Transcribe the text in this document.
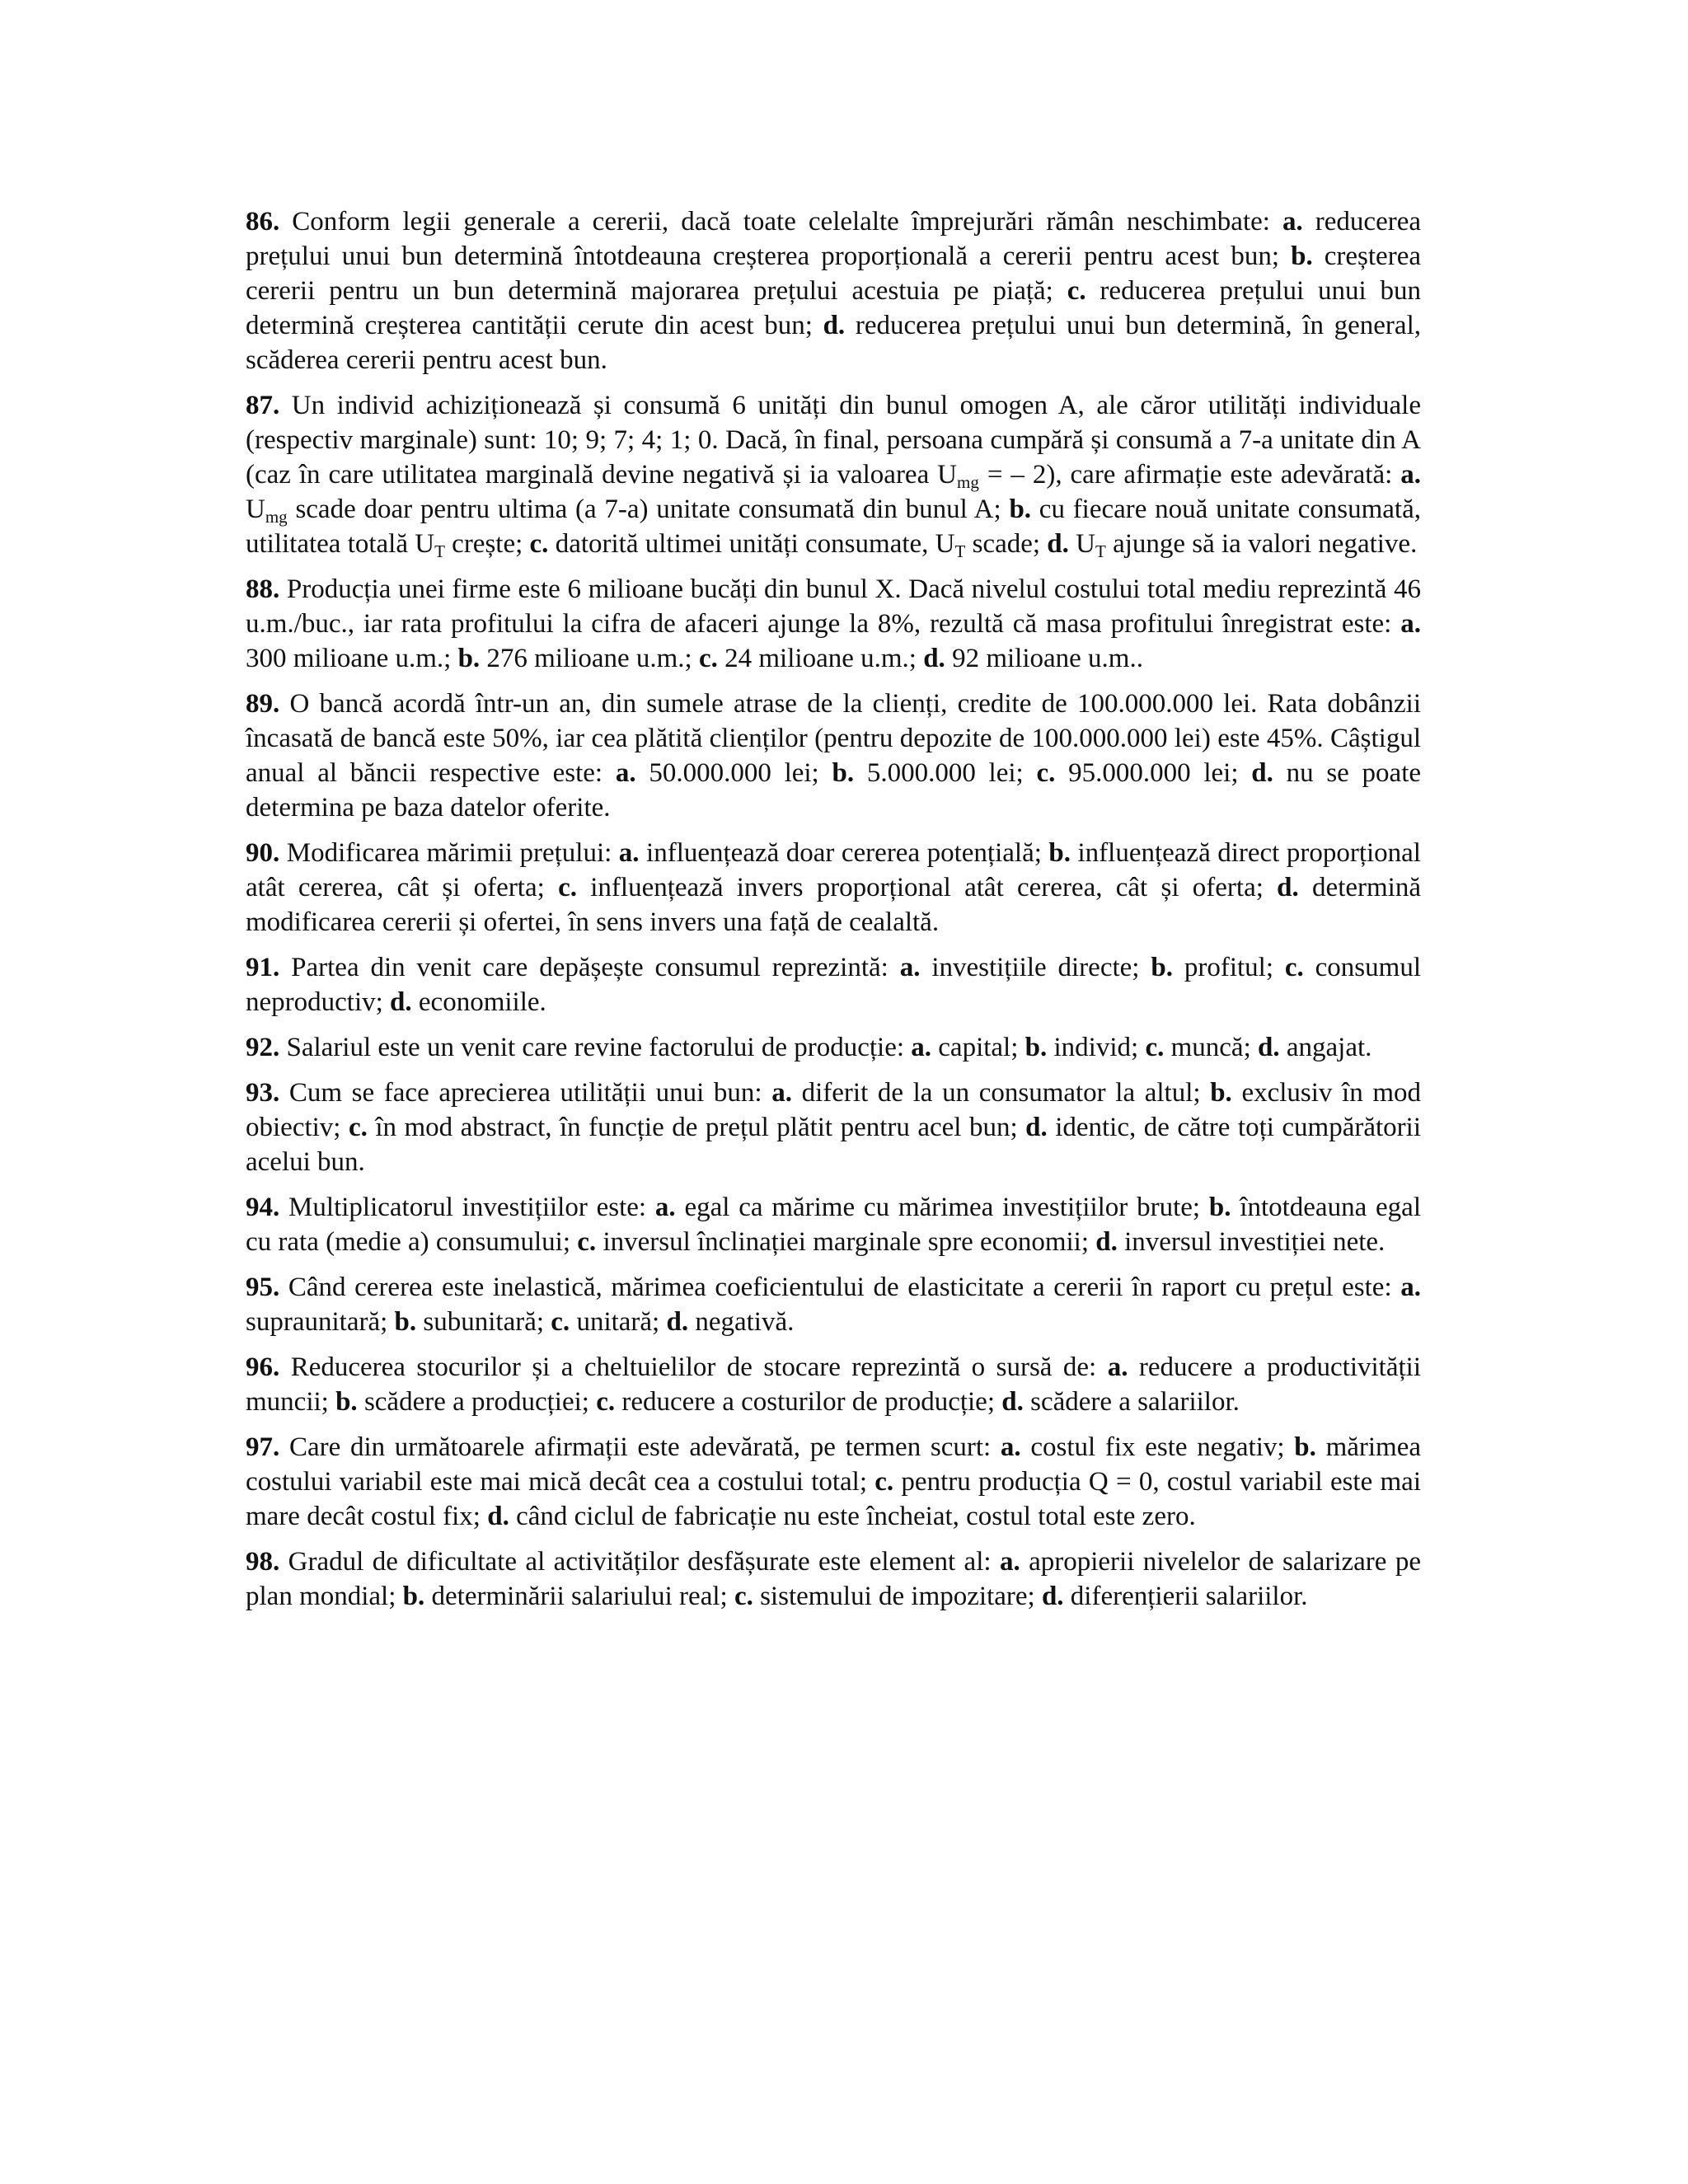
86. Conform legii generale a cererii, dacă toate celelalte împrejurări rămân neschimbate: a. reducerea prețului unui bun determină întotdeauna creșterea proporțională a cererii pentru acest bun; b. creșterea cererii pentru un bun determină majorarea prețului acestuia pe piață; c. reducerea prețului unui bun determină creșterea cantității cerute din acest bun; d. reducerea prețului unui bun determină, în general, scăderea cererii pentru acest bun.

87. Un individ achiziționează și consumă 6 unități din bunul omogen A, ale căror utilități individuale (respectiv marginale) sunt: 10; 9; 7; 4; 1; 0. Dacă, în final, persoana cumpără și consumă a 7-a unitate din A (caz în care utilitatea marginală devine negativă și ia valoarea $U_{mg}$ = – 2), care afirmație este adevărată: a. $U_{mg}$ scade doar pentru ultima (a 7-a) unitate consumată din bunul A; b. cu fiecare nouă unitate consumată, utilitatea totală $U_T$ crește; c. datorită ultimei unități consumate, $U_T$ scade; d. $U_T$ ajunge să ia valori negative.

88. Producția unei firme este 6 milioane bucăți din bunul X. Dacă nivelul costului total mediu reprezintă 46 u.m./buc., iar rata profitului la cifra de afaceri ajunge la 8%, rezultă că masa profitului înregistrat este: a. 300 milioane u.m.; b. 276 milioane u.m.; c. 24 milioane u.m.; d. 92 milioane u.m..

89. O bancă acordă într-un an, din sumele atrase de la clienți, credite de 100.000.000 lei. Rata dobânzii încasată de bancă este 50%, iar cea plătită clienților (pentru depozite de 100.000.000 lei) este 45%. Câștigul anual al băncii respective este: a. 50.000.000 lei; b. 5.000.000 lei; c. 95.000.000 lei; d. nu se poate determina pe baza datelor oferite.

90. Modificarea mărimii prețului: a. influențează doar cererea potențială; b. influențează direct proporțional atât cererea, cât și oferta; c. influențează invers proporțional atât cererea, cât și oferta; d. determină modificarea cererii și ofertei, în sens invers una față de cealaltă.

91. Partea din venit care depășește consumul reprezintă: a. investițiile directe; b. profitul; c. consumul neproductiv; d. economiile.

92. Salariul este un venit care revine factorului de producție: a. capital; b. individ; c. muncă; d. angajat.

93. Cum se face aprecierea utilității unui bun: a. diferit de la un consumator la altul; b. exclusiv în mod obiectiv; c. în mod abstract, în funcție de prețul plătit pentru acel bun; d. identic, de către toți cumpărătorii acelui bun.

94. Multiplicatorul investițiilor este: a. egal ca mărime cu mărimea investițiilor brute; b. întotdeauna egal cu rata (medie a) consumului; c. inversul înclinației marginale spre economii; d. inversul investiției nete.

95. Când cererea este inelastică, mărimea coeficientului de elasticitate a cererii în raport cu prețul este: a. supraunitară; b. subunitară; c. unitară; d. negativă.

96. Reducerea stocurilor și a cheltuielilor de stocare reprezintă o sursă de: a. reducere a productivității muncii; b. scădere a producției; c. reducere a costurilor de producție; d. scădere a salariilor.

97. Care din următoarele afirmații este adevărată, pe termen scurt: a. costul fix este negativ; b. mărimea costului variabil este mai mică decât cea a costului total; c. pentru producția Q = 0, costul variabil este mai mare decât costul fix; d. când ciclul de fabricație nu este încheiat, costul total este zero.

98. Gradul de dificultate al activităților desfășurate este element al: a. apropierii nivelelor de salarizare pe plan mondial; b. determinării salariului real; c. sistemului de impozitare; d. diferențierii salariilor.
